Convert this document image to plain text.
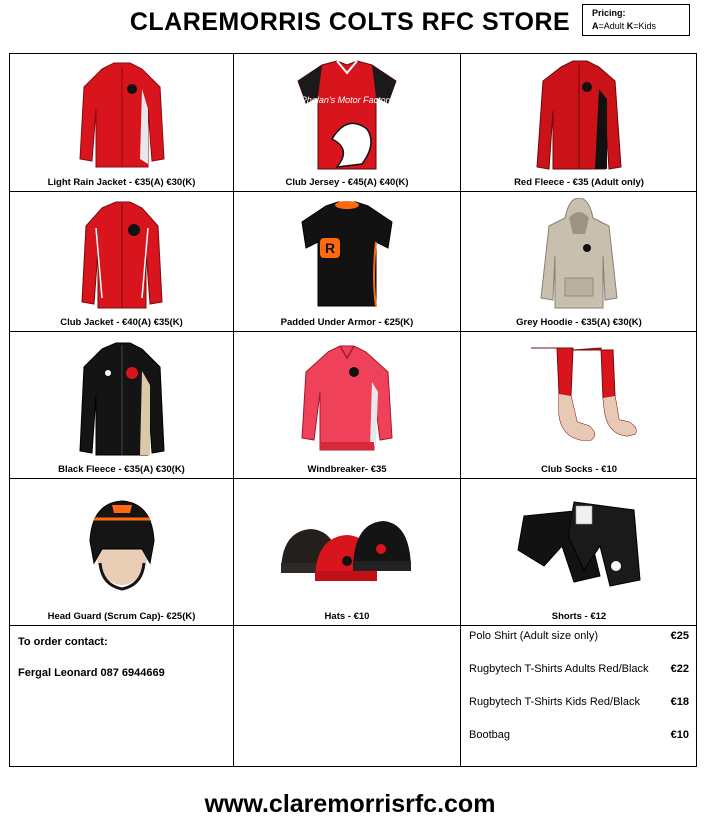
CLAREMORRIS COLTS RFC STORE	Pricing:
A=Adult K=Kids
Light Rain Jacket - €35(A) €30(K)
Phelan's Motor Factors
Club Jersey - €45(A) €40(K)	Red Fleece - €35 (Adult only)
Club Jacket - €40(A) €35(K)
R
Padded Under Armor - €25(K)	Grey Hoodie - €35(A) €30(K)
Black Fleece - €35(A) €30(K)	Windbreaker- €35	Club Socks - €10
Head Guard (Scrum Cap)- €25(K)	Hats - €10	Shorts - €12
To order contact:
Fergal Leonard 087 6944669
Polo Shirt (Adult size only)	€25
Rugbytech T-Shirts Adults Red/Black €22
Rugbytech T-Shirts Kids Red/Black	€18
Bootbag	€10
www.claremorrisrfc.com
